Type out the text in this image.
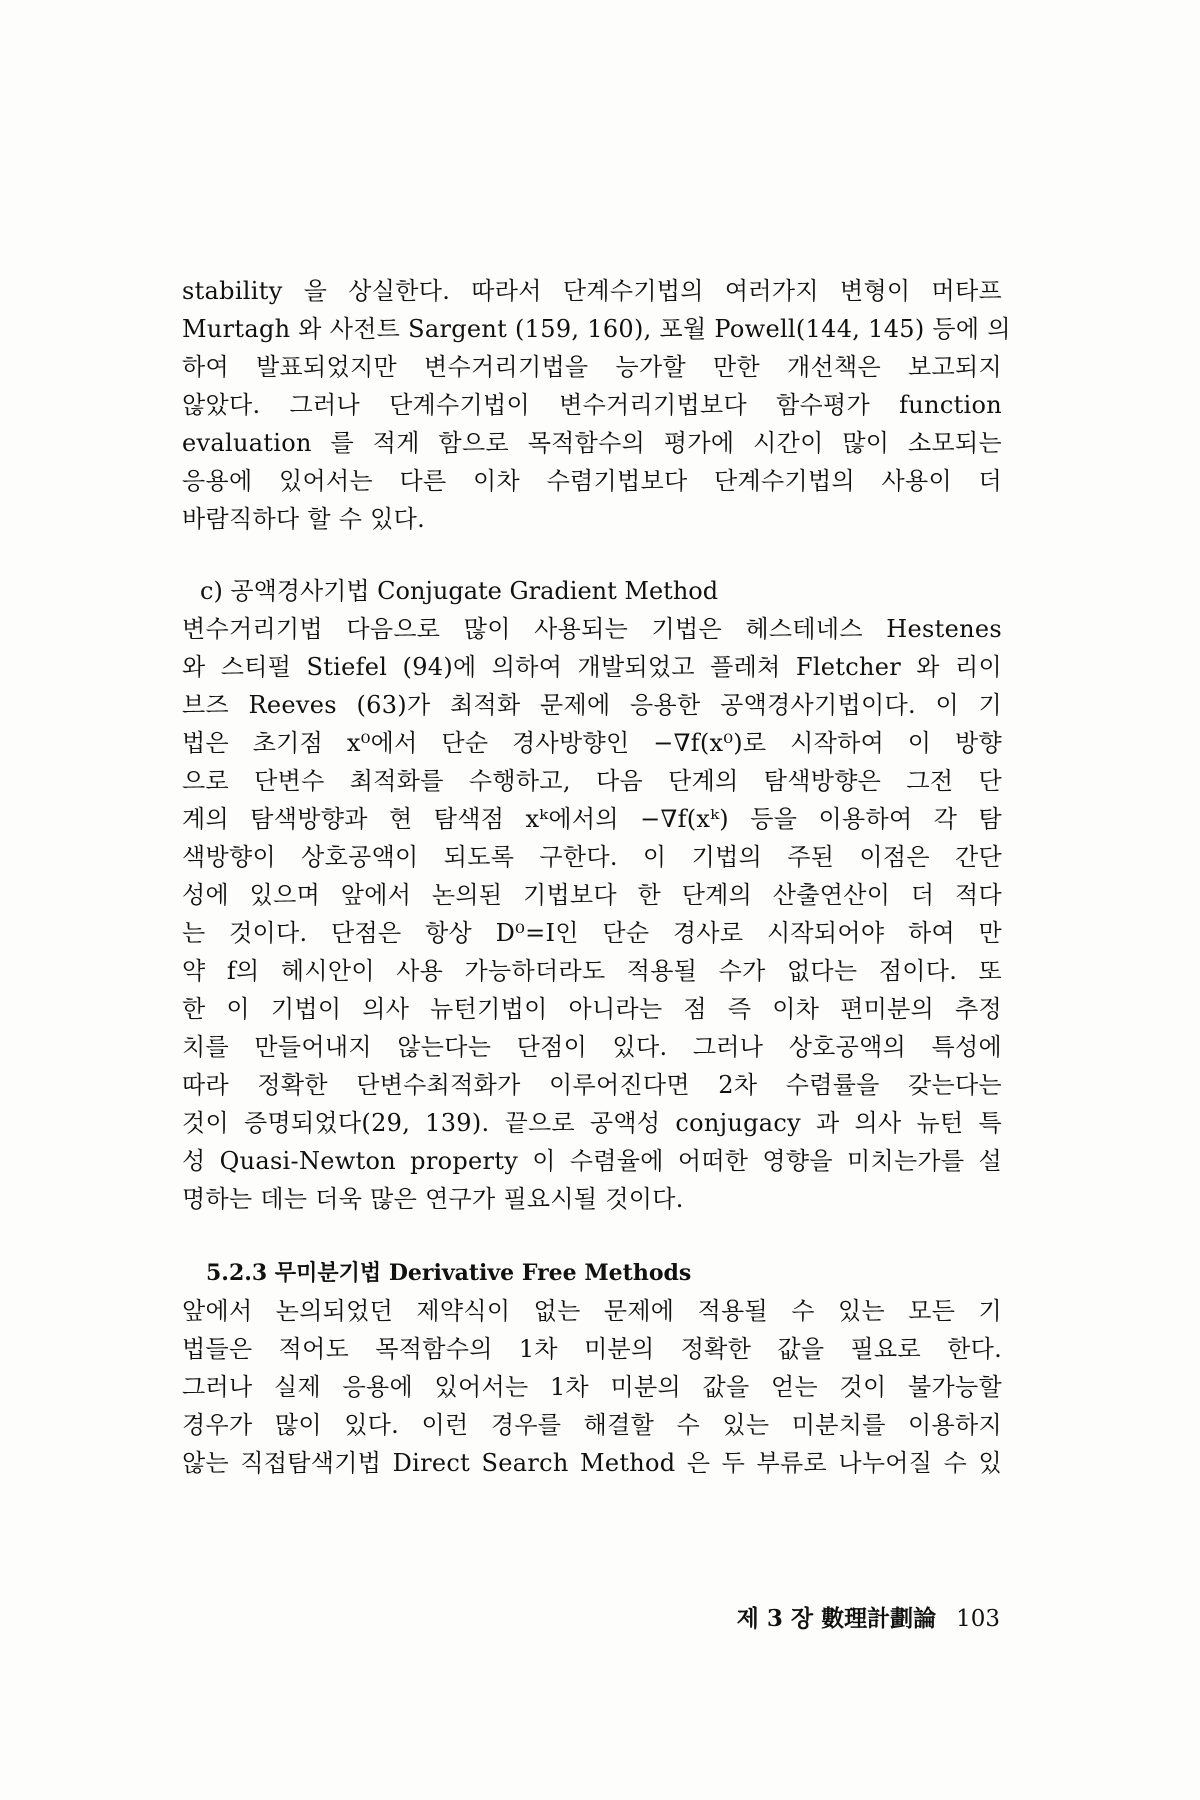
stability 을 상실한다. 따라서 단계수기법의 여러가지 변형이 머타프
Murtagh 와 사전트 Sargent (159, 160), 포월 Powell(144, 145) 등에 의
하여 발표되었지만 변수거리기법을 능가할 만한 개선책은 보고되지
않았다. 그러나 단계수기법이 변수거리기법보다 함수평가 function
evaluation 를 적게 함으로 목적함수의 평가에 시간이 많이 소모되는
응용에 있어서는 다른 이차 수렴기법보다 단계수기법의 사용이 더
바람직하다 할 수 있다.
c) 공액경사기법 Conjugate Gradient Method
변수거리기법 다음으로 많이 사용되는 기법은 헤스테네스 Hestenes
와 스티펄 Stiefel (94)에 의하여 개발되었고 플레쳐 Fletcher 와 리이
브즈 Reeves (63)가 최적화 문제에 응용한 공액경사기법이다. 이 기
법은 초기점 x⁰에서 단순 경사방향인 −∇f(x⁰)로 시작하여 이 방향
으로 단변수 최적화를 수행하고, 다음 단계의 탐색방향은 그전 단
계의 탐색방향과 현 탐색점 xᵏ에서의 −∇f(xᵏ) 등을 이용하여 각 탐
색방향이 상호공액이 되도록 구한다. 이 기법의 주된 이점은 간단
성에 있으며 앞에서 논의된 기법보다 한 단계의 산출연산이 더 적다
는 것이다. 단점은 항상 D⁰=I인 단순 경사로 시작되어야 하여 만
약 f의 헤시안이 사용 가능하더라도 적용될 수가 없다는 점이다. 또
한 이 기법이 의사 뉴턴기법이 아니라는 점 즉 이차 편미분의 추정
치를 만들어내지 않는다는 단점이 있다. 그러나 상호공액의 특성에
따라 정확한 단변수최적화가 이루어진다면 2차 수렴률을 갖는다는
것이 증명되었다(29, 139). 끝으로 공액성 conjugacy 과 의사 뉴턴 특
성 Quasi-Newton property 이 수렴율에 어떠한 영향을 미치는가를 설
명하는 데는 더욱 많은 연구가 필요시될 것이다.
5.2.3 무미분기법 Derivative Free Methods
앞에서 논의되었던 제약식이 없는 문제에 적용될 수 있는 모든 기
법들은 적어도 목적함수의 1차 미분의 정확한 값을 필요로 한다.
그러나 실제 응용에 있어서는 1차 미분의 값을 얻는 것이 불가능할
경우가 많이 있다. 이런 경우를 해결할 수 있는 미분치를 이용하지
않는 직접탐색기법 Direct Search Method 은 두 부류로 나누어질 수 있
제 3 장 數理計劃論 103
